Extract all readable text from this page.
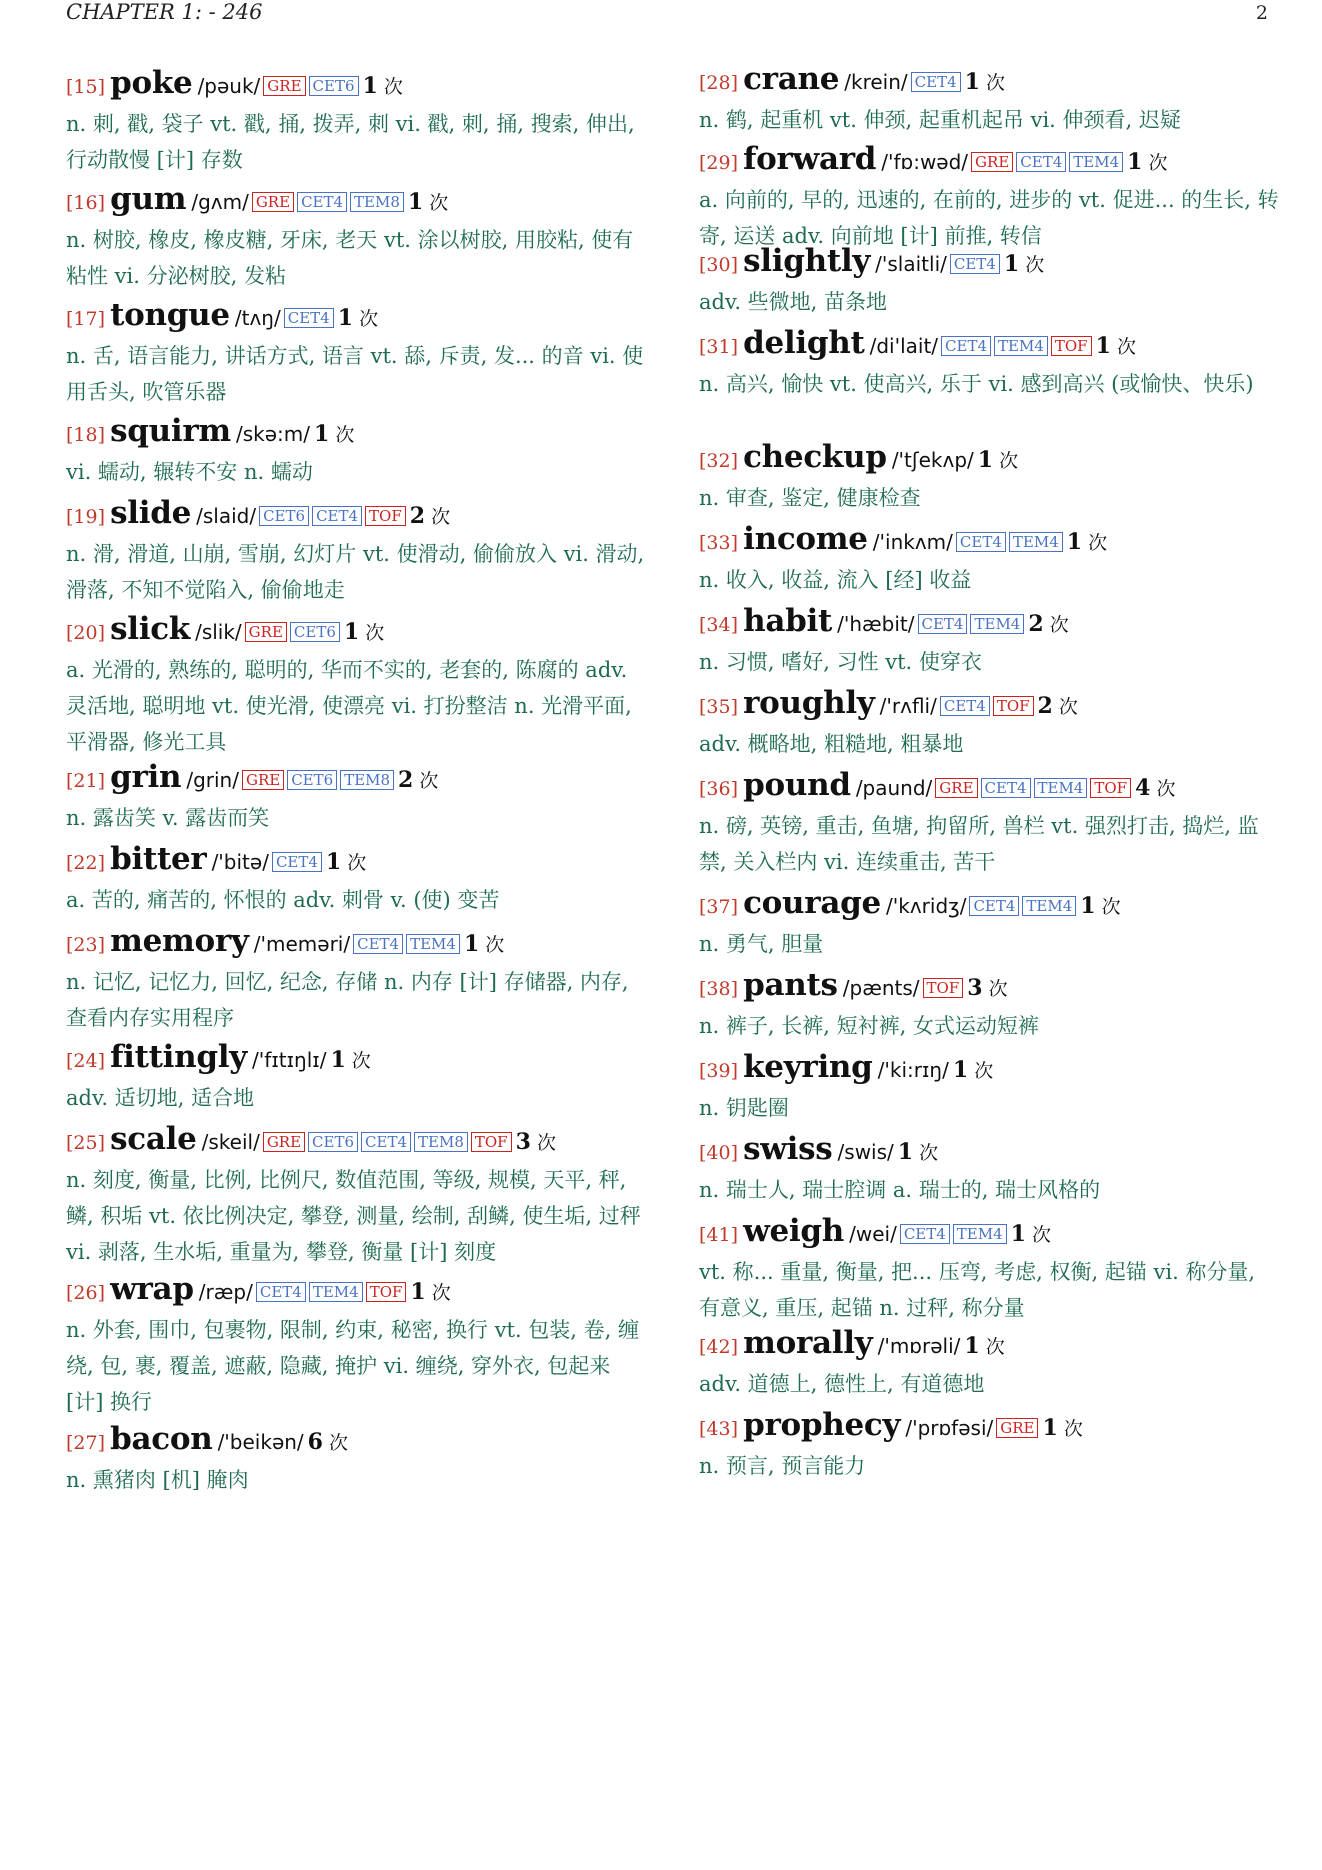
CHAPTER 1: - 246	2
[15] poke /pəuk/ GRE CET6 1 次
n. 刺, 戳, 袋子 vt. 戳, 捅, 拨弄, 刺 vi. 戳, 刺, 捅, 搜索, 伸出, 行动散慢 [计] 存数
[16] gum /gʌm/ GRE CET4 TEM8 1 次
n. 树胶, 橡皮, 橡皮糖, 牙床, 老天 vt. 涂以树胶, 用胶粘, 使有粘性 vi. 分泌树胶, 发粘
[17] tongue /tʌŋ/ CET4 1 次
n. 舌, 语言能力, 讲话方式, 语言 vt. 舔, 斥责, 发... 的音 vi. 使用舌头, 吹管乐器
[18] squirm /skə:m/ 1 次
vi. 蠕动, 辗转不安 n. 蠕动
[19] slide /slaid/ CET6 CET4 TOF 2 次
n. 滑, 滑道, 山崩, 雪崩, 幻灯片 vt. 使滑动, 偷偷放入 vi. 滑动, 滑落, 不知不觉陷入, 偷偷地走
[20] slick /slik/ GRE CET6 1 次
a. 光滑的, 熟练的, 聪明的, 华而不实的, 老套的, 陈腐的 adv. 灵活地, 聪明地 vt. 使光滑, 使漂亮 vi. 打扮整洁 n. 光滑平面, 平滑器, 修光工具
[21] grin /grin/ GRE CET6 TEM8 2 次
n. 露齿笑 v. 露齿而笑
[22] bitter /'bitə/ CET4 1 次
a. 苦的, 痛苦的, 怀恨的 adv. 刺骨 v. (使) 变苦
[23] memory /'meməri/ CET4 TEM4 1 次
n. 记忆, 记忆力, 回忆, 纪念, 存储 n. 内存 [计] 存储器, 内存, 查看内存实用程序
[24] fittingly /'fɪtɪŋlɪ/ 1 次
adv. 适切地, 适合地
[25] scale /skeil/ GRE CET6 CET4 TEM8 TOF 3 次
n. 刻度, 衡量, 比例, 比例尺, 数值范围, 等级, 规模, 天平, 秤, 鳞, 积垢 vt. 依比例决定, 攀登, 测量, 绘制, 刮鳞, 使生垢, 过秤 vi. 剥落, 生水垢, 重量为, 攀登, 衡量 [计] 刻度
[26] wrap /ræp/ CET4 TEM4 TOF 1 次
n. 外套, 围巾, 包裹物, 限制, 约束, 秘密, 换行 vt. 包装, 卷, 缠绕, 包, 裹, 覆盖, 遮蔽, 隐藏, 掩护 vi. 缠绕, 穿外衣, 包起来 [计] 换行
[27] bacon /'beikən/ 6 次
n. 熏猪肉 [机] 腌肉
[28] crane /krein/ CET4 1 次
n. 鹤, 起重机 vt. 伸颈, 起重机起吊 vi. 伸颈看, 迟疑
[29] forward /'fɒ:wəd/ GRE CET4 TEM4 1 次
a. 向前的, 早的, 迅速的, 在前的, 进步的 vt. 促进... 的生长, 转寄, 运送 adv. 向前地 [计] 前推, 转信
[30] slightly /'slaitli/ CET4 1 次
adv. 些微地, 苗条地
[31] delight /di'lait/ CET4 TEM4 TOF 1 次
n. 高兴, 愉快 vt. 使高兴, 乐于 vi. 感到高兴 (或愉快、快乐)
[32] checkup /'tʃekʌp/ 1 次
n. 审查, 鉴定, 健康检查
[33] income /'inkʌm/ CET4 TEM4 1 次
n. 收入, 收益, 流入 [经] 收益
[34] habit /'hæbit/ CET4 TEM4 2 次
n. 习惯, 嗜好, 习性 vt. 使穿衣
[35] roughly /'rʌfli/ CET4 TOF 2 次
adv. 概略地, 粗糙地, 粗暴地
[36] pound /paund/ GRE CET4 TEM4 TOF 4 次
n. 磅, 英镑, 重击, 鱼塘, 拘留所, 兽栏 vt. 强烈打击, 捣烂, 监禁, 关入栏内 vi. 连续重击, 苦干
[37] courage /'kʌridʒ/ CET4 TEM4 1 次
n. 勇气, 胆量
[38] pants /pænts/ TOF 3 次
n. 裤子, 长裤, 短衬裤, 女式运动短裤
[39] keyring /'ki:rɪŋ/ 1 次
n. 钥匙圈
[40] swiss /swis/ 1 次
n. 瑞士人, 瑞士腔调 a. 瑞士的, 瑞士风格的
[41] weigh /wei/ CET4 TEM4 1 次
vt. 称... 重量, 衡量, 把... 压弯, 考虑, 权衡, 起锚 vi. 称分量, 有意义, 重压, 起锚 n. 过秤, 称分量
[42] morally /'mɒrəli/ 1 次
adv. 道德上, 德性上, 有道德地
[43] prophecy /'prɒfəsi/ GRE 1 次
n. 预言, 预言能力
